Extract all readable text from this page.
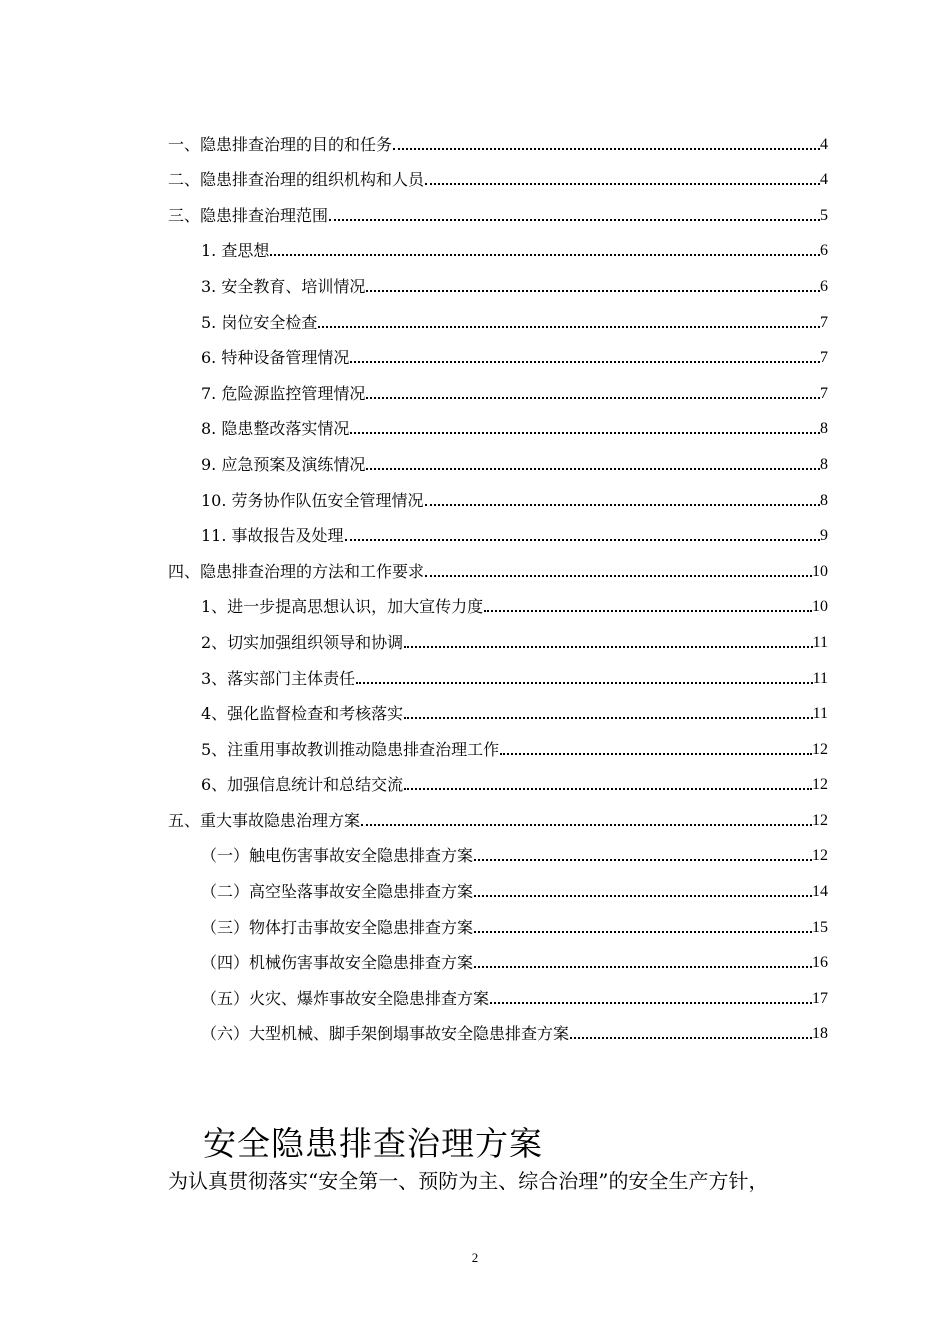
一、隐患排查治理的目的和任务	4
二、隐患排查治理的组织机构和人员	4
三、隐患排查治理范围	5
1. 查思想	6
3. 安全教育、培训情况	6
5. 岗位安全检查	7
6. 特种设备管理情况	7
7. 危险源监控管理情况	7
8. 隐患整改落实情况	8
9. 应急预案及演练情况	8
10. 劳务协作队伍安全管理情况	8
11. 事故报告及处理	9
四、隐患排查治理的方法和工作要求	10
1、进一步提高思想认识，加大宣传力度	10
2、切实加强组织领导和协调	11
3、落实部门主体责任	11
4、强化监督检查和考核落实	11
5、注重用事故教训推动隐患排查治理工作	12
6、加强信息统计和总结交流	12
五、重大事故隐患治理方案	12
（一）触电伤害事故安全隐患排查方案	12
（二）高空坠落事故安全隐患排查方案	14
（三）物体打击事故安全隐患排查方案	15
（四）机械伤害事故安全隐患排查方案	16
（五）火灾、爆炸事故安全隐患排查方案	17
（六）大型机械、脚手架倒塌事故安全隐患排查方案	18
安全隐患排查治理方案
为认真贯彻落实“安全第一、预防为主、综合治理”的安全生产方针，
2
